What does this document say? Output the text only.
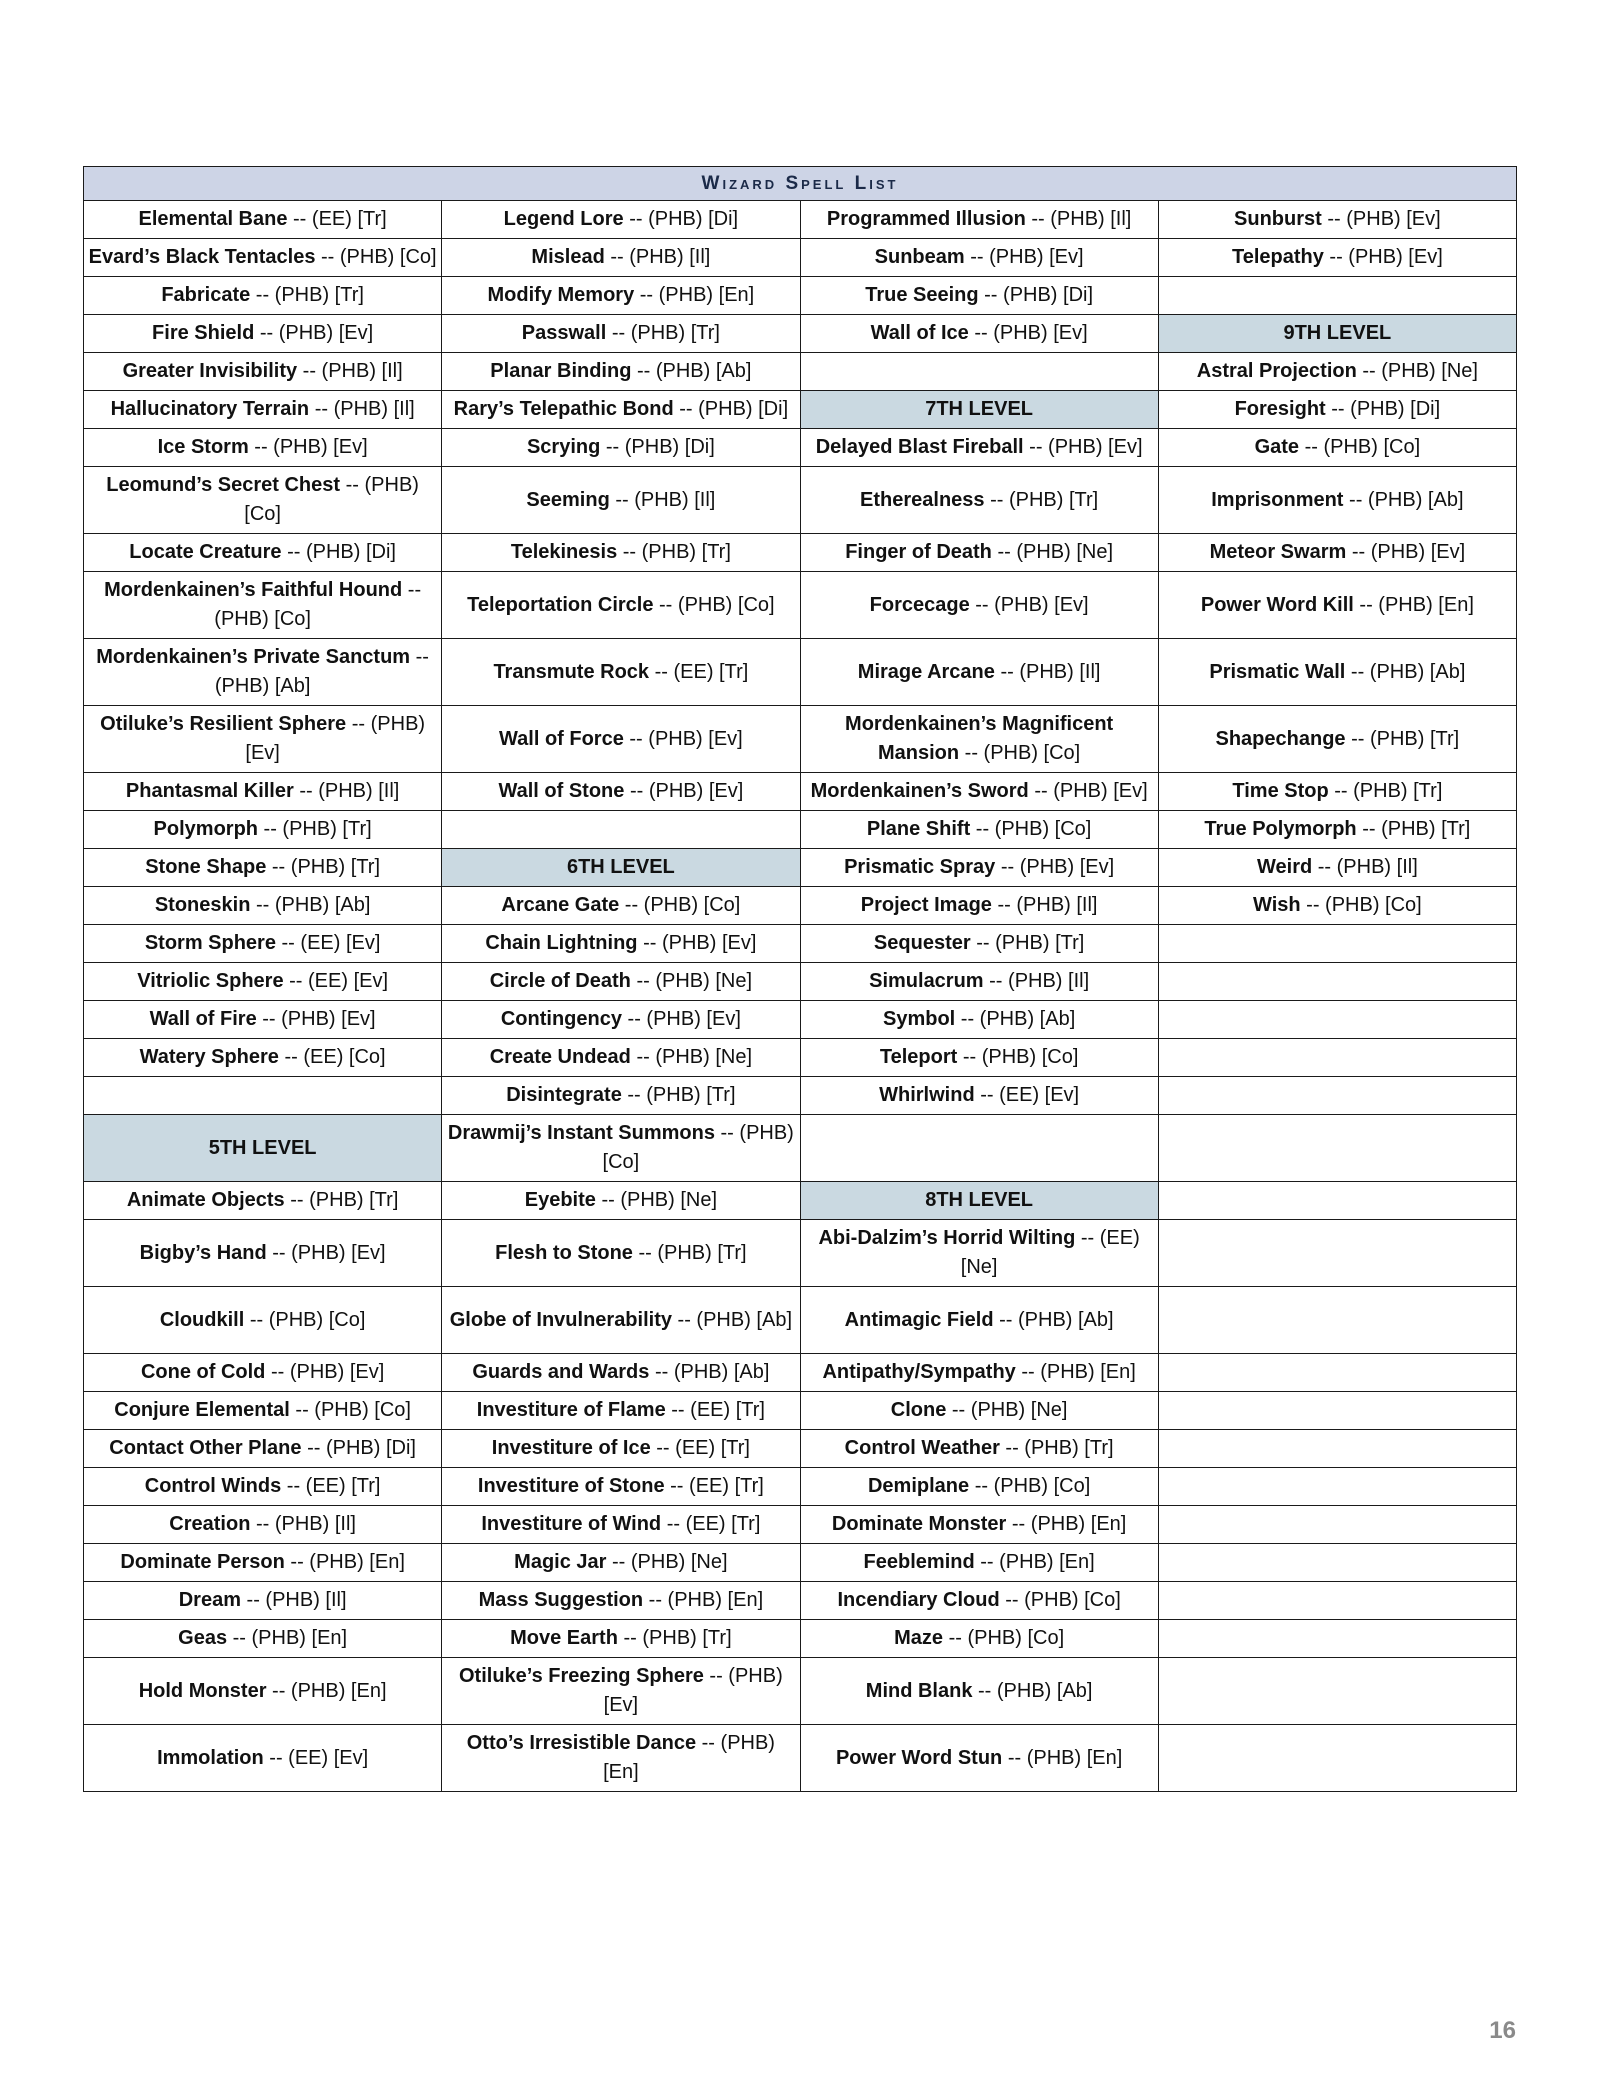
Wizard Spell List			
Elemental Bane -- (EE) [Tr]	Legend Lore -- (PHB) [Di]	Programmed Illusion -- (PHB) [Il]	Sunburst -- (PHB) [Ev]
Evard’s Black Tentacles -- (PHB) [Co]	Mislead -- (PHB) [Il]	Sunbeam -- (PHB) [Ev]	Telepathy -- (PHB) [Ev]
Fabricate -- (PHB) [Tr]	Modify Memory -- (PHB) [En]	True Seeing -- (PHB) [Di]	
Fire Shield -- (PHB) [Ev]	Passwall -- (PHB) [Tr]	Wall of Ice -- (PHB) [Ev]	9TH LEVEL
Greater Invisibility -- (PHB) [Il]	Planar Binding -- (PHB) [Ab]		Astral Projection -- (PHB) [Ne]
Hallucinatory Terrain -- (PHB) [Il]	Rary’s Telepathic Bond -- (PHB) [Di]	7TH LEVEL	Foresight -- (PHB) [Di]
Ice Storm -- (PHB) [Ev]	Scrying -- (PHB) [Di]	Delayed Blast Fireball -- (PHB) [Ev]	Gate -- (PHB) [Co]
Leomund’s Secret Chest -- (PHB) [Co]	Seeming -- (PHB) [Il]	Etherealness -- (PHB) [Tr]	Imprisonment -- (PHB) [Ab]
Locate Creature -- (PHB) [Di]	Telekinesis -- (PHB) [Tr]	Finger of Death -- (PHB) [Ne]	Meteor Swarm -- (PHB) [Ev]
Mordenkainen’s Faithful Hound -- (PHB) [Co]	Teleportation Circle -- (PHB) [Co]	Forcecage -- (PHB) [Ev]	Power Word Kill -- (PHB) [En]
Mordenkainen’s Private Sanctum -- (PHB) [Ab]	Transmute Rock -- (EE) [Tr]	Mirage Arcane -- (PHB) [Il]	Prismatic Wall -- (PHB) [Ab]
Otiluke’s Resilient Sphere -- (PHB) [Ev]	Wall of Force -- (PHB) [Ev]	Mordenkainen’s Magnificent Mansion -- (PHB) [Co]	Shapechange -- (PHB) [Tr]
Phantasmal Killer -- (PHB) [Il]	Wall of Stone -- (PHB) [Ev]	Mordenkainen’s Sword -- (PHB) [Ev]	Time Stop -- (PHB) [Tr]
Polymorph -- (PHB) [Tr]		Plane Shift -- (PHB) [Co]	True Polymorph -- (PHB) [Tr]
Stone Shape -- (PHB) [Tr]	6TH LEVEL	Prismatic Spray -- (PHB) [Ev]	Weird -- (PHB) [Il]
Stoneskin -- (PHB) [Ab]	Arcane Gate -- (PHB) [Co]	Project Image -- (PHB) [Il]	Wish -- (PHB) [Co]
Storm Sphere -- (EE) [Ev]	Chain Lightning -- (PHB) [Ev]	Sequester -- (PHB) [Tr]	
Vitriolic Sphere -- (EE) [Ev]	Circle of Death -- (PHB) [Ne]	Simulacrum -- (PHB) [Il]	
Wall of Fire -- (PHB) [Ev]	Contingency -- (PHB) [Ev]	Symbol -- (PHB) [Ab]	
Watery Sphere -- (EE) [Co]	Create Undead -- (PHB) [Ne]	Teleport -- (PHB) [Co]	
	Disintegrate -- (PHB) [Tr]	Whirlwind -- (EE) [Ev]	
5TH LEVEL	Drawmij’s Instant Summons -- (PHB) [Co]		
Animate Objects -- (PHB) [Tr]	Eyebite -- (PHB) [Ne]	8TH LEVEL	
Bigby’s Hand -- (PHB) [Ev]	Flesh to Stone -- (PHB) [Tr]	Abi-Dalzim’s Horrid Wilting -- (EE) [Ne]	
Cloudkill -- (PHB) [Co]	Globe of Invulnerability -- (PHB) [Ab]	Antimagic Field -- (PHB) [Ab]	
Cone of Cold -- (PHB) [Ev]	Guards and Wards -- (PHB) [Ab]	Antipathy/Sympathy -- (PHB) [En]	
Conjure Elemental -- (PHB) [Co]	Investiture of Flame -- (EE) [Tr]	Clone -- (PHB) [Ne]	
Contact Other Plane -- (PHB) [Di]	Investiture of Ice -- (EE) [Tr]	Control Weather -- (PHB) [Tr]	
Control Winds -- (EE) [Tr]	Investiture of Stone -- (EE) [Tr]	Demiplane -- (PHB) [Co]	
Creation -- (PHB) [Il]	Investiture of Wind -- (EE) [Tr]	Dominate Monster -- (PHB) [En]	
Dominate Person -- (PHB) [En]	Magic Jar -- (PHB) [Ne]	Feeblemind -- (PHB) [En]	
Dream -- (PHB) [Il]	Mass Suggestion -- (PHB) [En]	Incendiary Cloud -- (PHB) [Co]	
Geas -- (PHB) [En]	Move Earth -- (PHB) [Tr]	Maze -- (PHB) [Co]	
Hold Monster -- (PHB) [En]	Otiluke’s Freezing Sphere -- (PHB) [Ev]	Mind Blank -- (PHB) [Ab]	
Immolation -- (EE) [Ev]	Otto’s Irresistible Dance -- (PHB) [En]	Power Word Stun -- (PHB) [En]	
16
